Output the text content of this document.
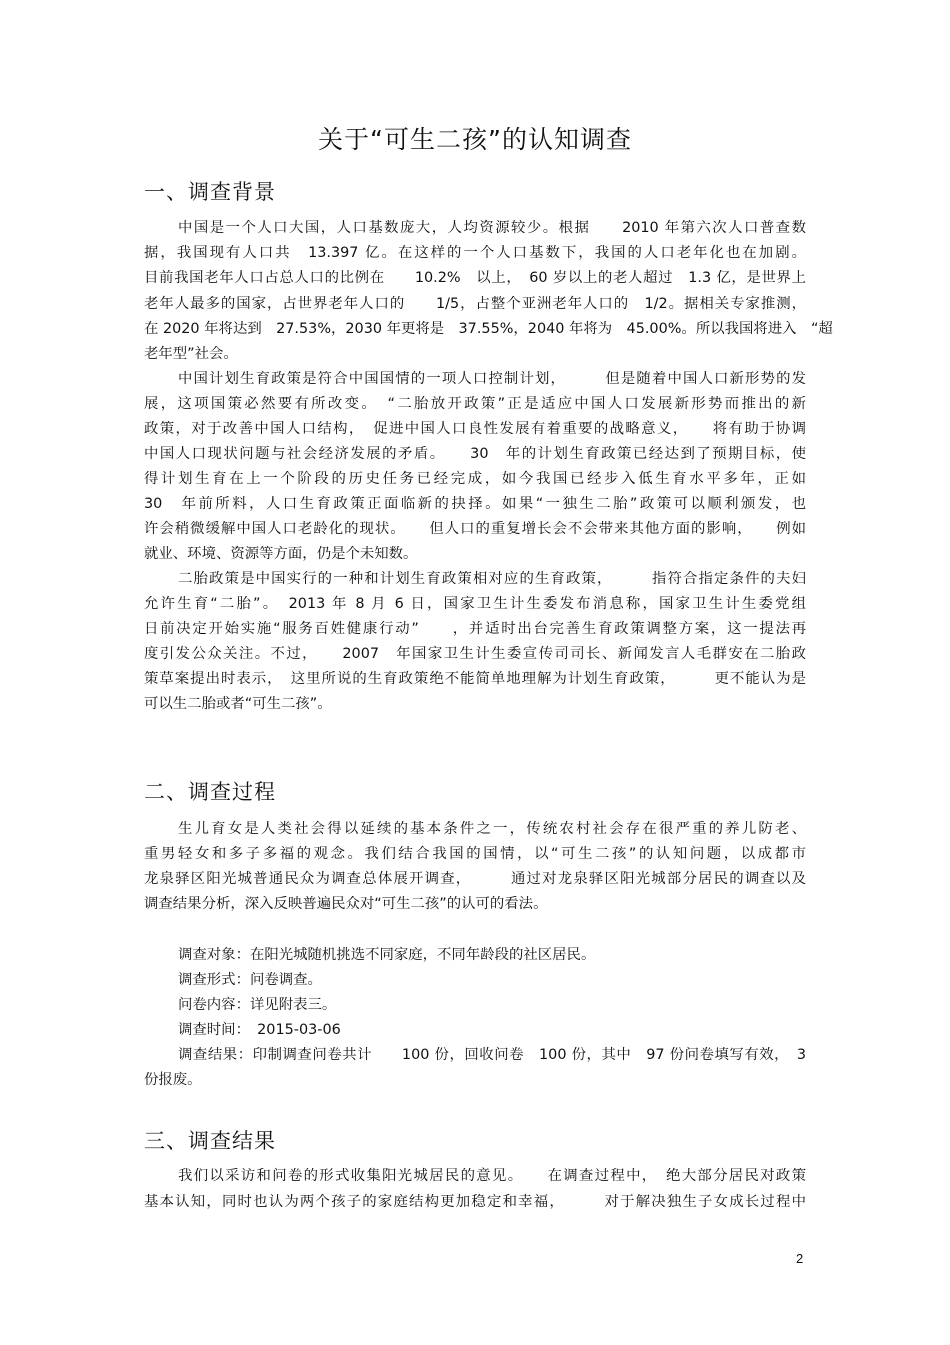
关于“可生二孩”的认知调查
一、调查背景
中国是一个人口大国，人口基数庞大，人均资源较少。根据　　2010 年第六次人口普查数
据，我国现有人口共　13.397 亿。在这样的一个人口基数下，我国的人口老年化也在加剧。
目前我国老年人口占总人口的比例在　　10.2%　以上，　60 岁以上的老人超过　1.3 亿，是世界上
老年人最多的国家，占世界老年人口的　　1/5，占整个亚洲老年人口的　1/2。据相关专家推测，
在 2020 年将达到　27.53%，2030 年更将是　37.55%，2040 年将为　45.00%。所以我国将进入　“超
老年型”社会。
中国计划生育政策是符合中国国情的一项人口控制计划，　　　但是随着中国人口新形势的发
展，这项国策必然要有所改变。　“二胎放开政策”正是适应中国人口发展新形势而推出的新
政策，对于改善中国人口结构，　促进中国人口良性发展有着重要的战略意义，　　将有助于协调
中国人口现状问题与社会经济发展的矛盾。　　30　年的计划生育政策已经达到了预期目标，使
得计划生育在上一个阶段的历史任务已经完成，如今我国已经步入低生育水平多年，正如
30　年前所料，人口生育政策正面临新的抉择。如果“一独生二胎”政策可以顺利颁发，也
许会稍微缓解中国人口老龄化的现状。　　但人口的重复增长会不会带来其他方面的影响，　　例如
就业、环境、资源等方面，仍是个未知数。
二胎政策是中国实行的一种和计划生育政策相对应的生育政策，　　　指符合指定条件的夫妇
允许生育“二胎”。　2013 年 8 月 6 日，国家卫生计生委发布消息称，国家卫生计生委党组
日前决定开始实施“服务百姓健康行动”　　，并适时出台完善生育政策调整方案，这一提法再
度引发公众关注。不过，　　2007　年国家卫生计生委宣传司司长、新闻发言人毛群安在二胎政
策草案提出时表示，　这里所说的生育政策绝不能简单地理解为计划生育政策，　　　更不能认为是
可以生二胎或者“可生二孩”。
二、调查过程
生儿育女是人类社会得以延续的基本条件之一，传统农村社会存在很严重的养儿防老、
重男轻女和多子多福的观念。我们结合我国的国情，以“可生二孩”的认知问题，以成都市
龙泉驿区阳光城普通民众为调查总体展开调查，　　　通过对龙泉驿区阳光城部分居民的调查以及
调查结果分析，深入反映普遍民众对“可生二孩”的认可的看法。
调查对象：在阳光城随机挑选不同家庭，不同年龄段的社区居民。
调查形式：问卷调查。
问卷内容：详见附表三。
调查时间：　2015-03-06
调查结果：印制调查问卷共计　　100 份，回收问卷　100 份，其中　97 份问卷填写有效，　3
份报废。
三、调查结果
我们以采访和问卷的形式收集阳光城居民的意见。　　在调查过程中，　绝大部分居民对政策
基本认知，同时也认为两个孩子的家庭结构更加稳定和幸福，　　　对于解决独生子女成长过程中
2
